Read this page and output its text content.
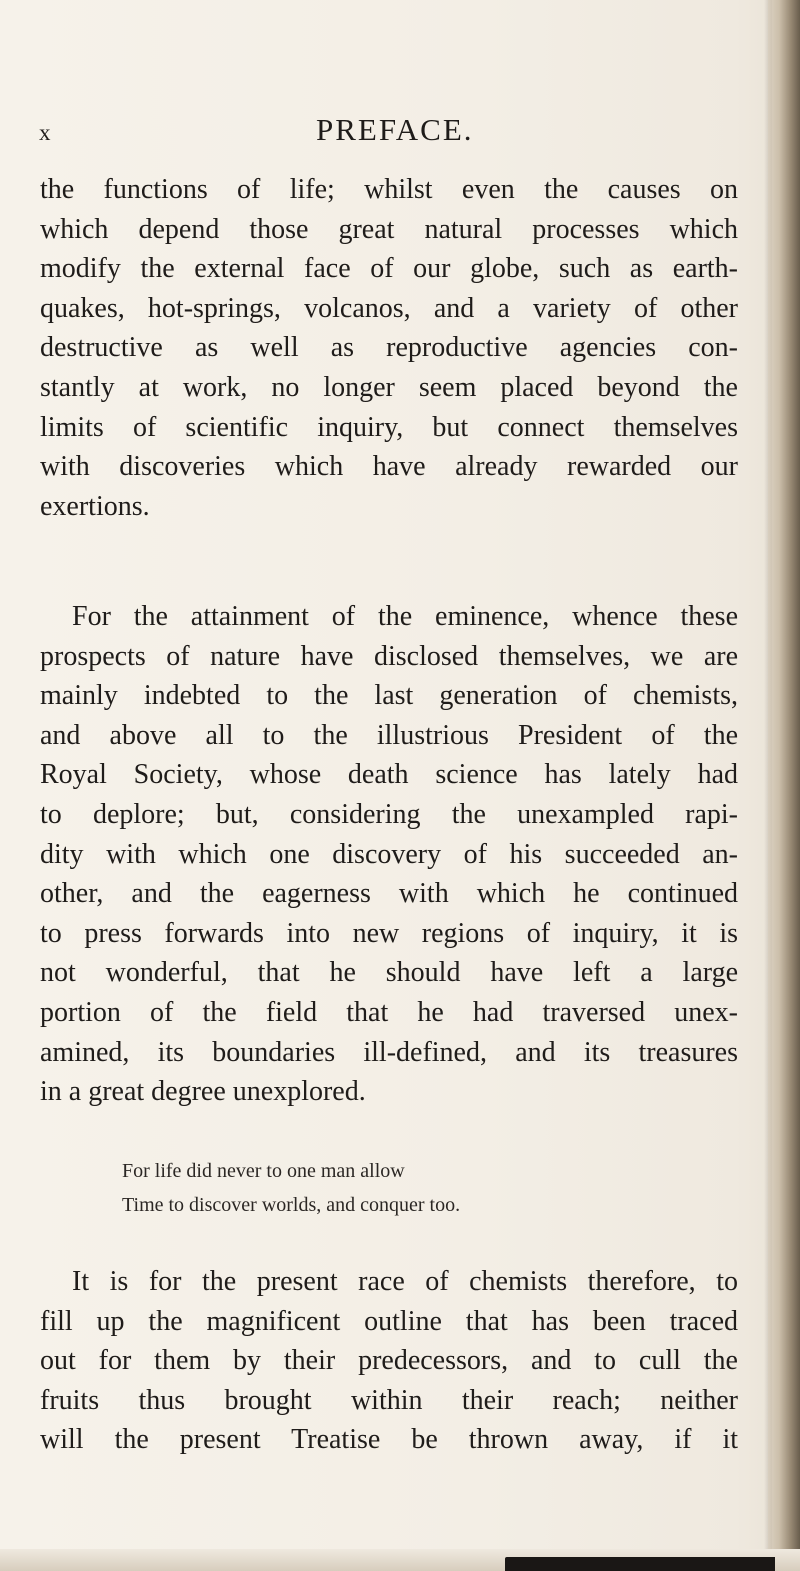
x	PREFACE.
the functions of life; whilst even the causes on
which depend those great natural processes which
modify the external face of our globe, such as earth-
quakes, hot-springs, volcanos, and a variety of other
destructive as well as reproductive agencies con-
stantly at work, no longer seem placed beyond the
limits of scientific inquiry, but connect themselves
with discoveries which have already rewarded our
exertions.
For the attainment of the eminence, whence these
prospects of nature have disclosed themselves, we are
mainly indebted to the last generation of chemists,
and above all to the illustrious President of the
Royal Society, whose death science has lately had
to deplore; but, considering the unexampled rapi-
dity with which one discovery of his succeeded an-
other, and the eagerness with which he continued
to press forwards into new regions of inquiry, it is
not wonderful, that he should have left a large
portion of the field that he had traversed unex-
amined, its boundaries ill-defined, and its treasures
in a great degree unexplored.
For life did never to one man allow
Time to discover worlds, and conquer too.
It is for the present race of chemists therefore, to
fill up the magnificent outline that has been traced
out for them by their predecessors, and to cull the
fruits thus brought within their reach; neither
will the present Treatise be thrown away, if it
